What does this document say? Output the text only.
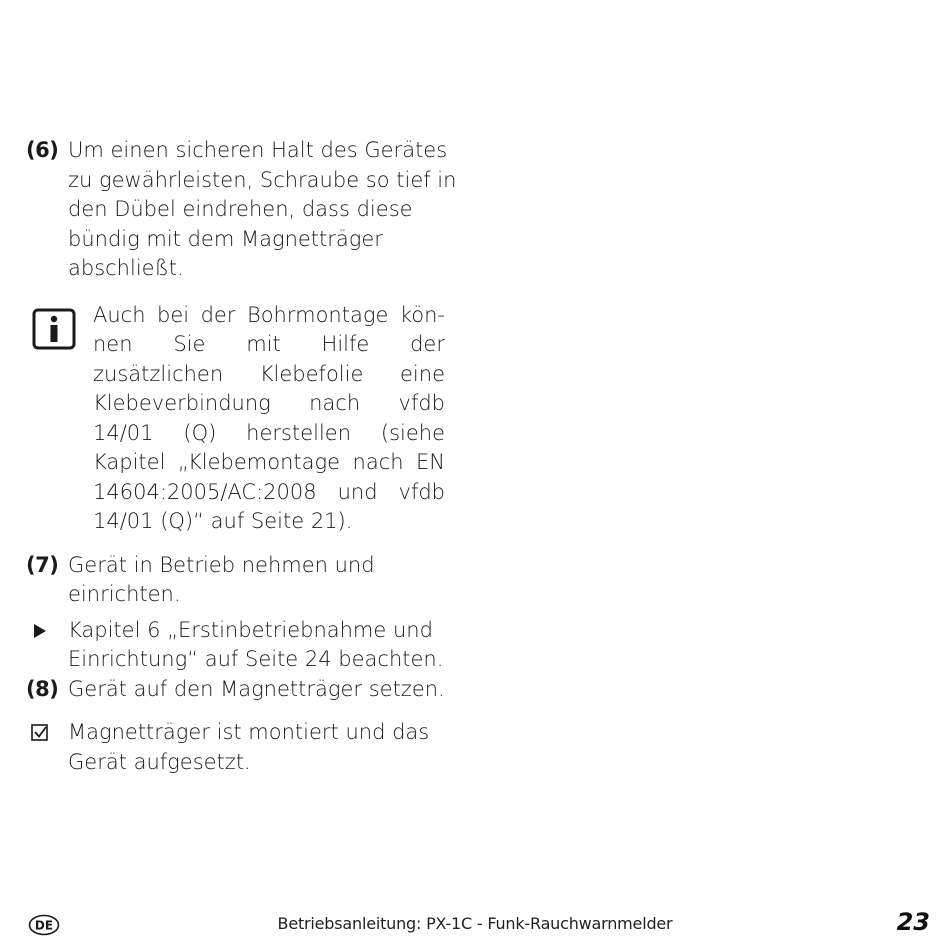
(6) Um einen sicheren Halt des Gerätes zu gewährleisten, Schraube so tief in den Dübel eindrehen, dass diese bündig mit dem Magnetträger abschließt.
Auch bei der Bohrmontage können Sie mit Hilfe der zusätzlichen Klebefolie eine Klebeverbindung nach vfdb 14/01 (Q) herstellen (siehe Kapitel „Klebemontage nach EN 14604:2005/AC:2008 und vfdb 14/01 (Q)“ auf Seite 21).
(7) Gerät in Betrieb nehmen und einrichten.
Kapitel 6 „Erstinbetriebnahme und Einrichtung“ auf Seite 24 beachten.
(8) Gerät auf den Magnetträger setzen.
Magnetträger ist montiert und das Gerät aufgesetzt.
DE	Betriebsanleitung: PX-1C - Funk-Rauchwarnmelder	23
